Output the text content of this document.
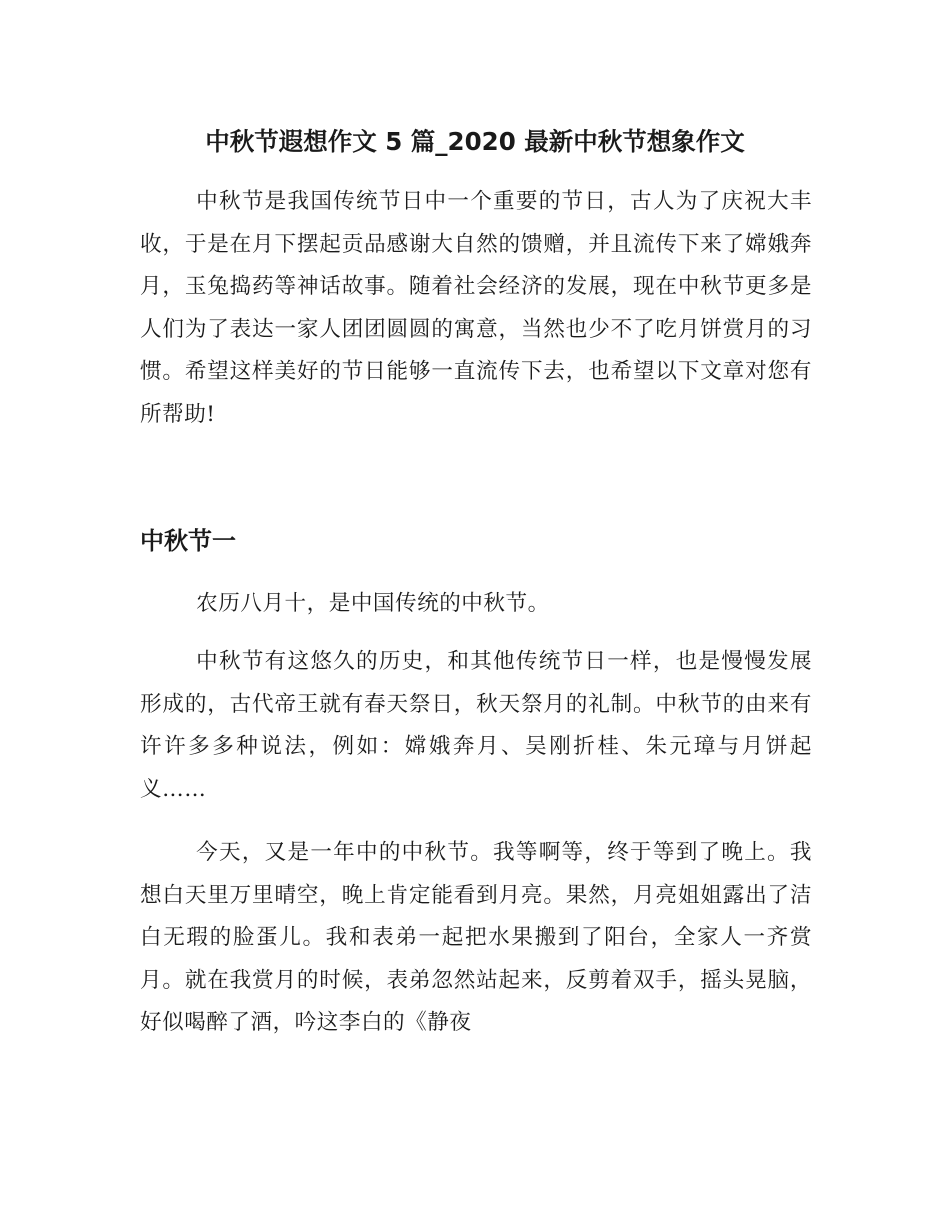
中秋节遐想作文 5 篇_2020 最新中秋节想象作文

中秋节是我国传统节日中一个重要的节日，古人为了庆祝大丰收，于是在月下摆起贡品感谢大自然的馈赠，并且流传下来了嫦娥奔月，玉兔捣药等神话故事。随着社会经济的发展，现在中秋节更多是人们为了表达一家人团团圆圆的寓意，当然也少不了吃月饼赏月的习惯。希望这样美好的节日能够一直流传下去，也希望以下文章对您有所帮助!

中秋节一

农历八月十，是中国传统的中秋节。

中秋节有这悠久的历史，和其他传统节日一样，也是慢慢发展形成的，古代帝王就有春天祭日，秋天祭月的礼制。中秋节的由来有许许多多种说法，例如：嫦娥奔月、吴刚折桂、朱元璋与月饼起义……

今天，又是一年中的中秋节。我等啊等，终于等到了晚上。我想白天里万里晴空，晚上肯定能看到月亮。果然，月亮姐姐露出了洁白无瑕的脸蛋儿。我和表弟一起把水果搬到了阳台，全家人一齐赏月。就在我赏月的时候，表弟忽然站起来，反剪着双手，摇头晃脑，好似喝醉了酒，吟这李白的《静夜
